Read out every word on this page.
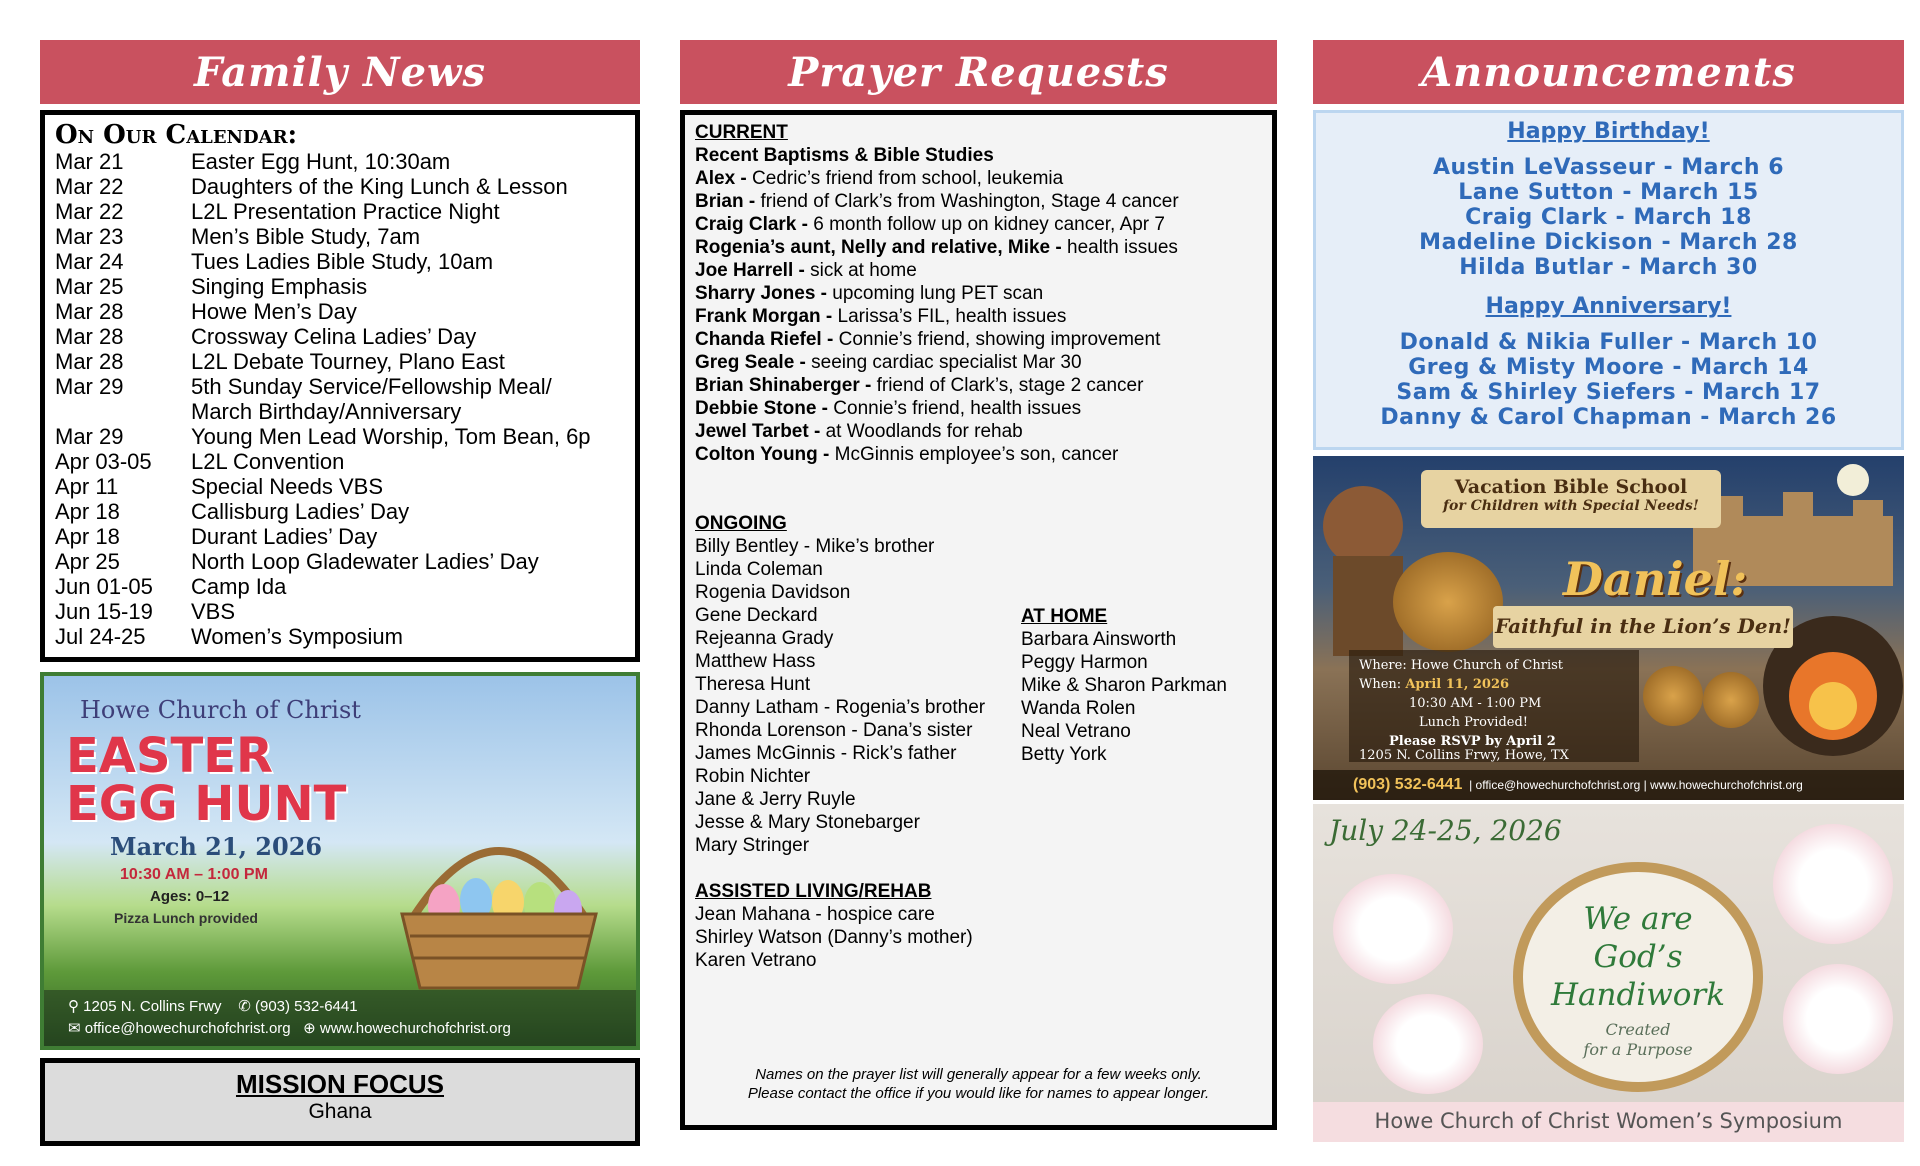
Family News
On Our Calendar:
Mar 21	Easter Egg Hunt, 10:30am
Mar 22	Daughters of the King Lunch & Lesson
Mar 22	L2L Presentation Practice Night
Mar 23	Men’s Bible Study, 7am
Mar 24	Tues Ladies Bible Study, 10am
Mar 25	Singing Emphasis
Mar 28	Howe Men’s Day
Mar 28	Crossway Celina Ladies’ Day
Mar 28	L2L Debate Tourney, Plano East
Mar 29	5th Sunday Service/Fellowship Meal/
March Birthday/Anniversary
Mar 29	Young Men Lead Worship, Tom Bean, 6p
Apr 03-05	L2L Convention
Apr 11	Special Needs VBS
Apr 18	Callisburg Ladies’ Day
Apr 18	Durant Ladies’ Day
Apr 25	North Loop Gladewater Ladies’ Day
Jun 01-05	Camp Ida
Jun 15-19	VBS
Jul 24-25	Women’s Symposium
Howe Church of Christ
EASTER
EGG HUNT
March 21, 2026
10:30 AM – 1:00 PM
Ages: 0–12
Pizza Lunch provided
⚲ 1205 N. Collins Frwy ✆ (903) 532-6441
✉ office@howechurchofchrist.org ⊕ www.howechurchofchrist.org
MISSION FOCUS
Ghana
Prayer Requests
CURRENT
Recent Baptisms & Bible Studies
Alex - Cedric’s friend from school, leukemia
Brian - friend of Clark’s from Washington, Stage 4 cancer
Craig Clark - 6 month follow up on kidney cancer, Apr 7
Rogenia’s aunt, Nelly and relative, Mike - health issues
Joe Harrell - sick at home
Sharry Jones - upcoming lung PET scan
Frank Morgan - Larissa’s FIL, health issues
Chanda Riefel - Connie’s friend, showing improvement
Greg Seale - seeing cardiac specialist Mar 30
Brian Shinaberger - friend of Clark’s, stage 2 cancer
Debbie Stone - Connie’s friend, health issues
Jewel Tarbet - at Woodlands for rehab
Colton Young - McGinnis employee’s son, cancer
ONGOING
Billy Bentley - Mike’s brother
Linda Coleman
Rogenia Davidson
Gene Deckard
Rejeanna Grady
Matthew Hass
Theresa Hunt
Danny Latham - Rogenia’s brother
Rhonda Lorenson - Dana’s sister
James McGinnis - Rick’s father
Robin Nichter
Jane & Jerry Ruyle
Jesse & Mary Stonebarger
Mary Stringer
ASSISTED LIVING/REHAB
Jean Mahana - hospice care
Shirley Watson (Danny’s mother)
Karen Vetrano
AT HOME
Barbara Ainsworth
Peggy Harmon
Mike & Sharon Parkman
Wanda Rolen
Neal Vetrano
Betty York
Names on the prayer list will generally appear for a few weeks only.
Please contact the office if you would like for names to appear longer.
Announcements
Happy Birthday!
Austin LeVasseur - March 6
Lane Sutton - March 15
Craig Clark - March 18
Madeline Dickison - March 28
Hilda Butlar - March 30
Happy Anniversary!
Donald & Nikia Fuller - March 10
Greg & Misty Moore - March 14
Sam & Shirley Siefers - March 17
Danny & Carol Chapman - March 26
Vacation Bible School
for Children with Special Needs!
Daniel:
Faithful in the Lion’s Den!
Where: Howe Church of Christ
When: April 11, 2026
10:30 AM - 1:00 PM
Lunch Provided!
Please RSVP by April 2
1205 N. Collins Frwy, Howe, TX
(903) 532-6441  | office@howechurchofchrist.org | www.howechurchofchrist.org
July 24-25, 2026
We are
God’s
Handiwork
Created
for a Purpose
Howe Church of Christ Women’s Symposium
